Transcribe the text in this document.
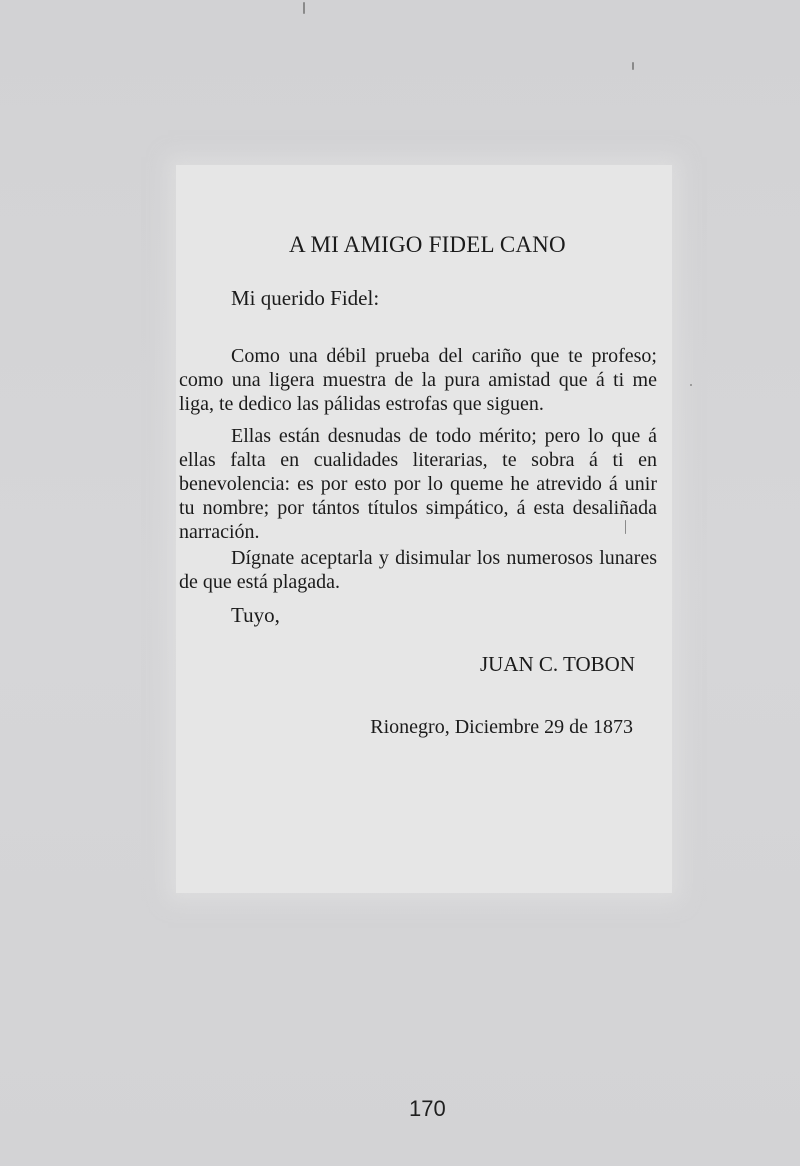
A MI AMIGO FIDEL CANO

Mi querido Fidel:

Como una débil prueba del cariño que te profeso; como una ligera muestra de la pura amistad que á ti me liga, te dedico las pálidas estrofas que siguen.

Ellas están desnudas de todo mérito; pero lo que á ellas falta en cualidades literarias, te sobra á ti en benevolencia: es por esto por lo queme he atrevido á unir tu nombre; por tántos títulos simpático, á esta desaliñada narración.

Dígnate aceptarla y disimular los numerosos lunares de que está plagada.

Tuyo,

JUAN C. TOBON

Rionegro, Diciembre 29 de 1873

170
